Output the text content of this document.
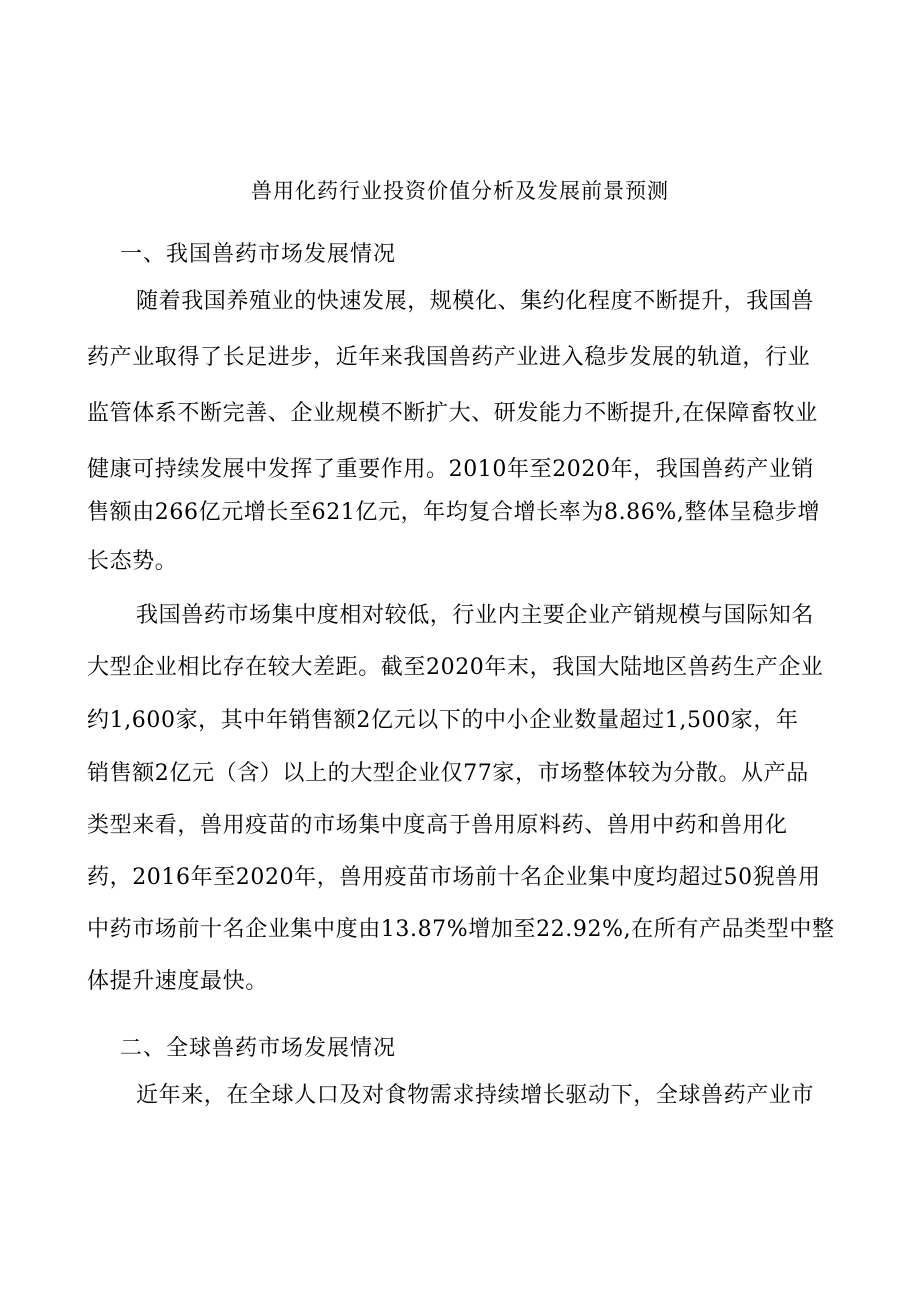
兽用化药行业投资价值分析及发展前景预测
一、我国兽药市场发展情况
随着我国养殖业的快速发展，规模化、集约化程度不断提升，我国兽
药产业取得了长足进步，近年来我国兽药产业进入稳步发展的轨道，行业
监管体系不断完善、企业规模不断扩大、研发能力不断提升,在保障畜牧业
健康可持续发展中发挥了重要作用。2010年至2020年，我国兽药产业销
售额由266亿元增长至621亿元，年均复合增长率为8.86%,整体呈稳步增
长态势。
我国兽药市场集中度相对较低，行业内主要企业产销规模与国际知名
大型企业相比存在较大差距。截至2020年末，我国大陆地区兽药生产企业
约1,600家，其中年销售额2亿元以下的中小企业数量超过1,500家，年
销售额2亿元（含）以上的大型企业仅77家，市场整体较为分散。从产品
类型来看，兽用疫苗的市场集中度高于兽用原料药、兽用中药和兽用化
药，2016年至2020年，兽用疫苗市场前十名企业集中度均超过50猊兽用
中药市场前十名企业集中度由13.87%增加至22.92%,在所有产品类型中整
体提升速度最快。
二、全球兽药市场发展情况
近年来，在全球人口及对食物需求持续增长驱动下，全球兽药产业市
